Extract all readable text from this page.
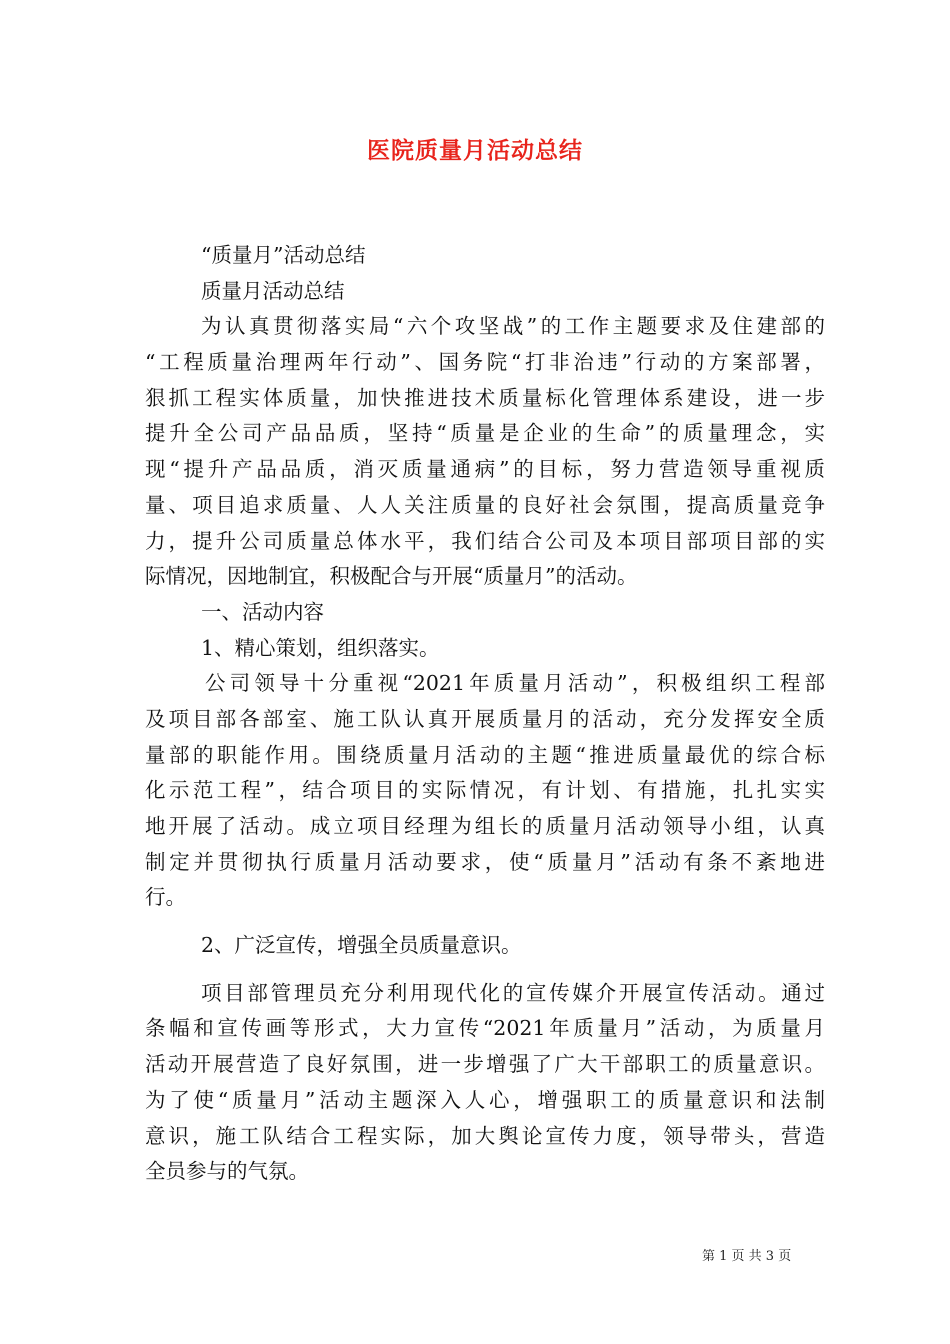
医院质量月活动总结
“质量月”活动总结
质量月活动总结
为认真贯彻落实局“六个攻坚战”的工作主题要求及住建部的
“工程质量治理两年行动”、国务院“打非治违”行动的方案部署，
狠抓工程实体质量，加快推进技术质量标化管理体系建设，进一步
提升全公司产品品质，坚持“质量是企业的生命”的质量理念，实
现“提升产品品质，消灭质量通病”的目标，努力营造领导重视质
量、项目追求质量、人人关注质量的良好社会氛围，提高质量竞争
力，提升公司质量总体水平，我们结合公司及本项目部项目部的实
际情况，因地制宜，积极配合与开展“质量月”的活动。
一、活动内容
1、精心策划，组织落实。
公司领导十分重视“2021年质量月活动”，积极组织工程部
及项目部各部室、施工队认真开展质量月的活动，充分发挥安全质
量部的职能作用。围绕质量月活动的主题“推进质量最优的综合标
化示范工程”，结合项目的实际情况，有计划、有措施，扎扎实实
地开展了活动。成立项目经理为组长的质量月活动领导小组，认真
制定并贯彻执行质量月活动要求，使“质量月”活动有条不紊地进
行。
2、广泛宣传，增强全员质量意识。
项目部管理员充分利用现代化的宣传媒介开展宣传活动。通过
条幅和宣传画等形式，大力宣传“2021年质量月”活动，为质量月
活动开展营造了良好氛围，进一步增强了广大干部职工的质量意识。
为了使“质量月”活动主题深入人心，增强职工的质量意识和法制
意识，施工队结合工程实际，加大舆论宣传力度，领导带头，营造
全员参与的气氛。
第 1 页 共 3 页
